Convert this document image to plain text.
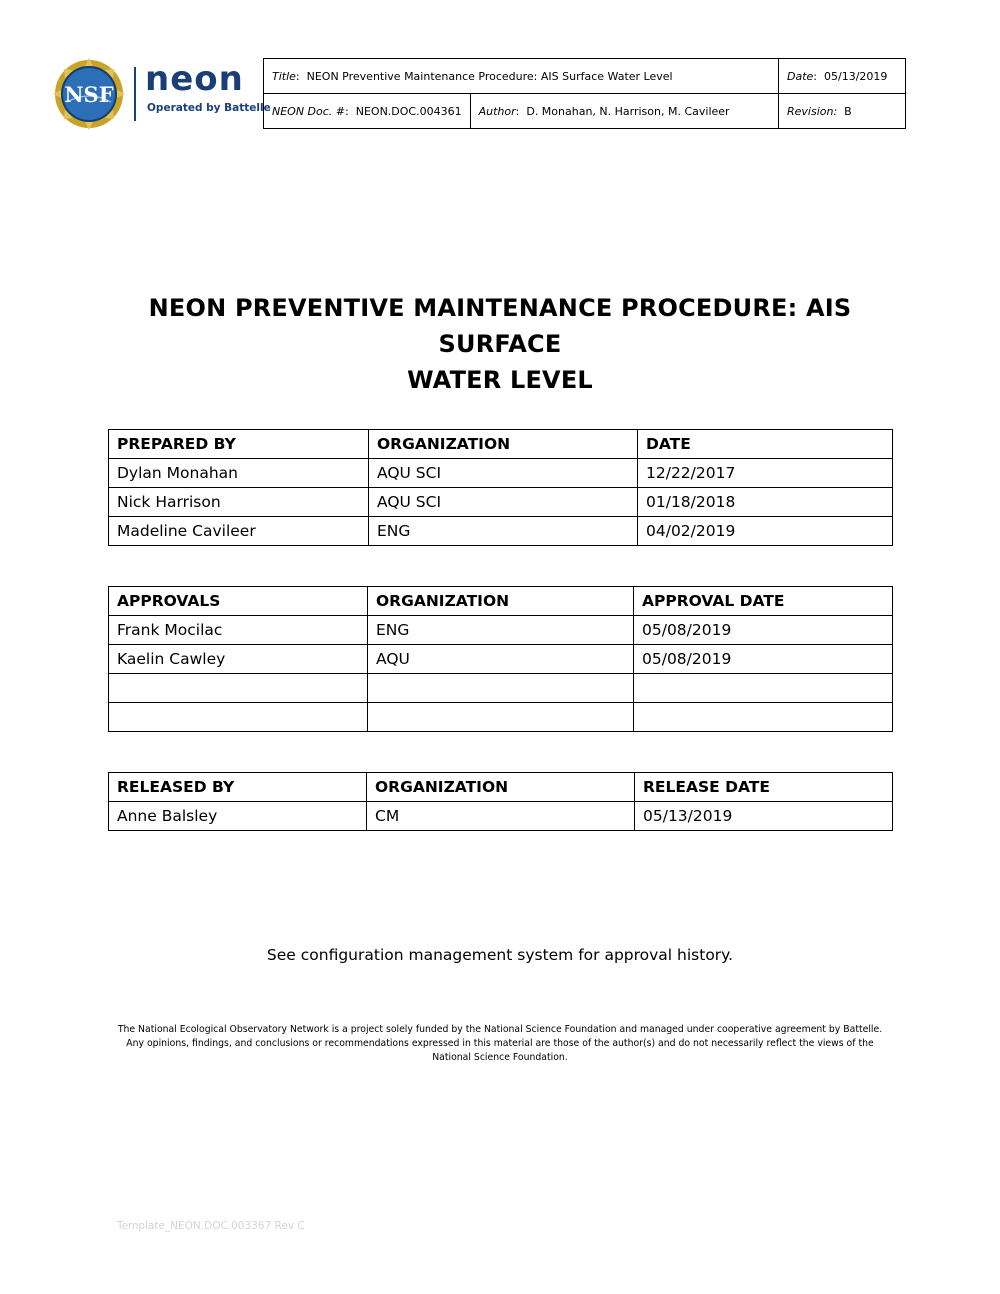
NSF neon
Operated by Battelle
Title:  NEON Preventive Maintenance Procedure: AIS Surface Water Level		Date:  05/13/2019
NEON Doc. #:  NEON.DOC.004361	Author:  D. Monahan, N. Harrison, M. Cavileer	Revision: B
NEON PREVENTIVE MAINTENANCE PROCEDURE: AIS SURFACE
WATER LEVEL
PREPARED BY	ORGANIZATION	DATE
Dylan Monahan	AQU SCI	12/22/2017
Nick Harrison	AQU SCI	01/18/2018
Madeline Cavileer	ENG	04/02/2019
APPROVALS	ORGANIZATION	APPROVAL DATE
Frank Mocilac	ENG	05/08/2019
Kaelin Cawley	AQU	05/08/2019

RELEASED BY	ORGANIZATION	RELEASE DATE
Anne Balsley	CM	05/13/2019
See configuration management system for approval history.
The National Ecological Observatory Network is a project solely funded by the National Science Foundation and managed under cooperative agreement by Battelle.
Any opinions, findings, and conclusions or recommendations expressed in this material are those of the author(s) and do not necessarily reflect the views of the
National Science Foundation.
Template_NEON.DOC.003367 Rev C
